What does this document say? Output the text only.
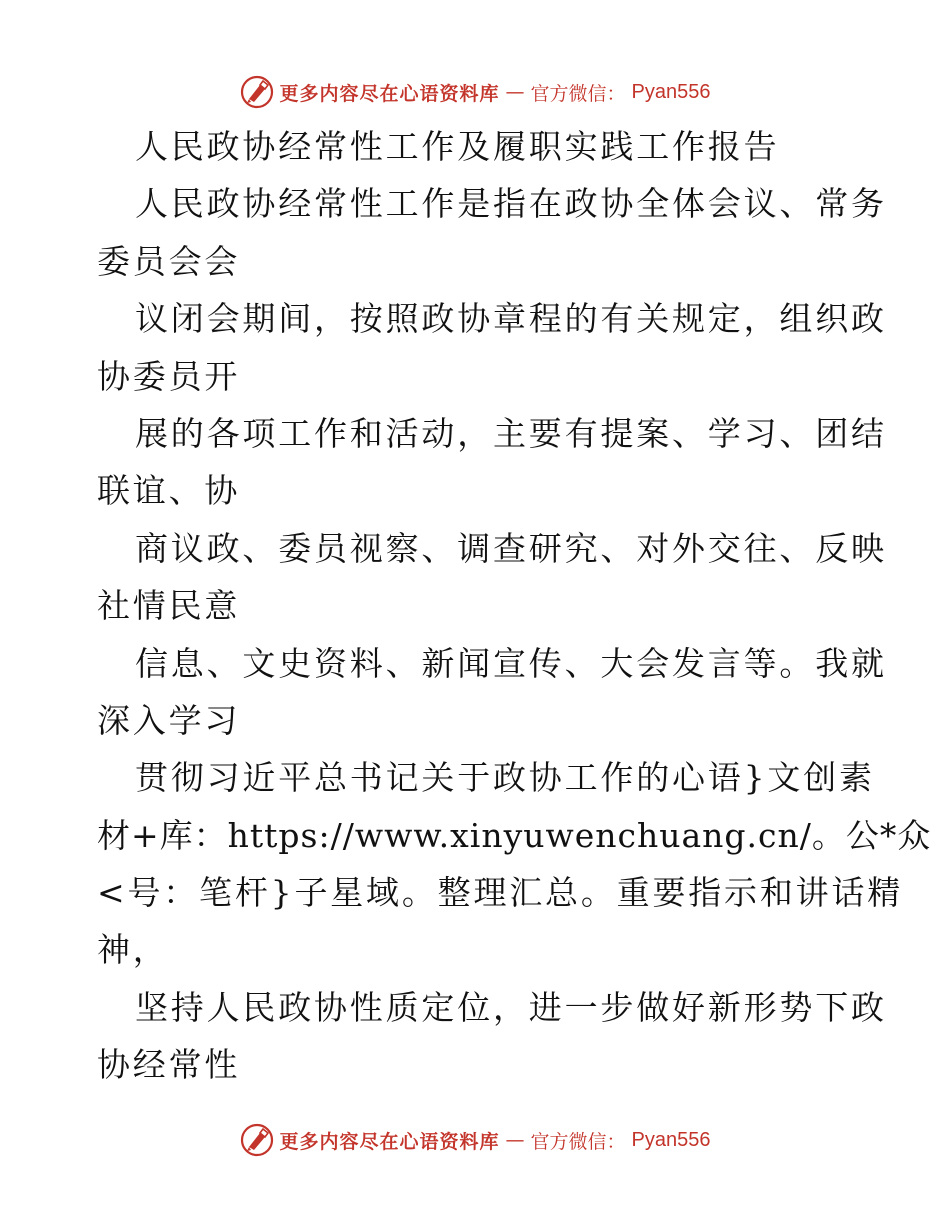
更多内容尽在心语资料库 — 官方微信： Pyan556
人民政协经常性工作及履职实践工作报告
人民政协经常性工作是指在政协全体会议、常务
委员会会
议闭会期间，按照政协章程的有关规定，组织政
协委员开
展的各项工作和活动，主要有提案、学习、团结
联谊、协
商议政、委员视察、调查研究、对外交往、反映
社情民意
信息、文史资料、新闻宣传、大会发言等。我就
深入学习
贯彻习近平总书记关于政协工作的心语}文创素
材+库：https://www.xinyuwenchuang.cn/。公*众
<号：笔杆}子星域。整理汇总。重要指示和讲话精
神，
坚持人民政协性质定位，进一步做好新形势下政
协经常性
更多内容尽在心语资料库 — 官方微信： Pyan556
